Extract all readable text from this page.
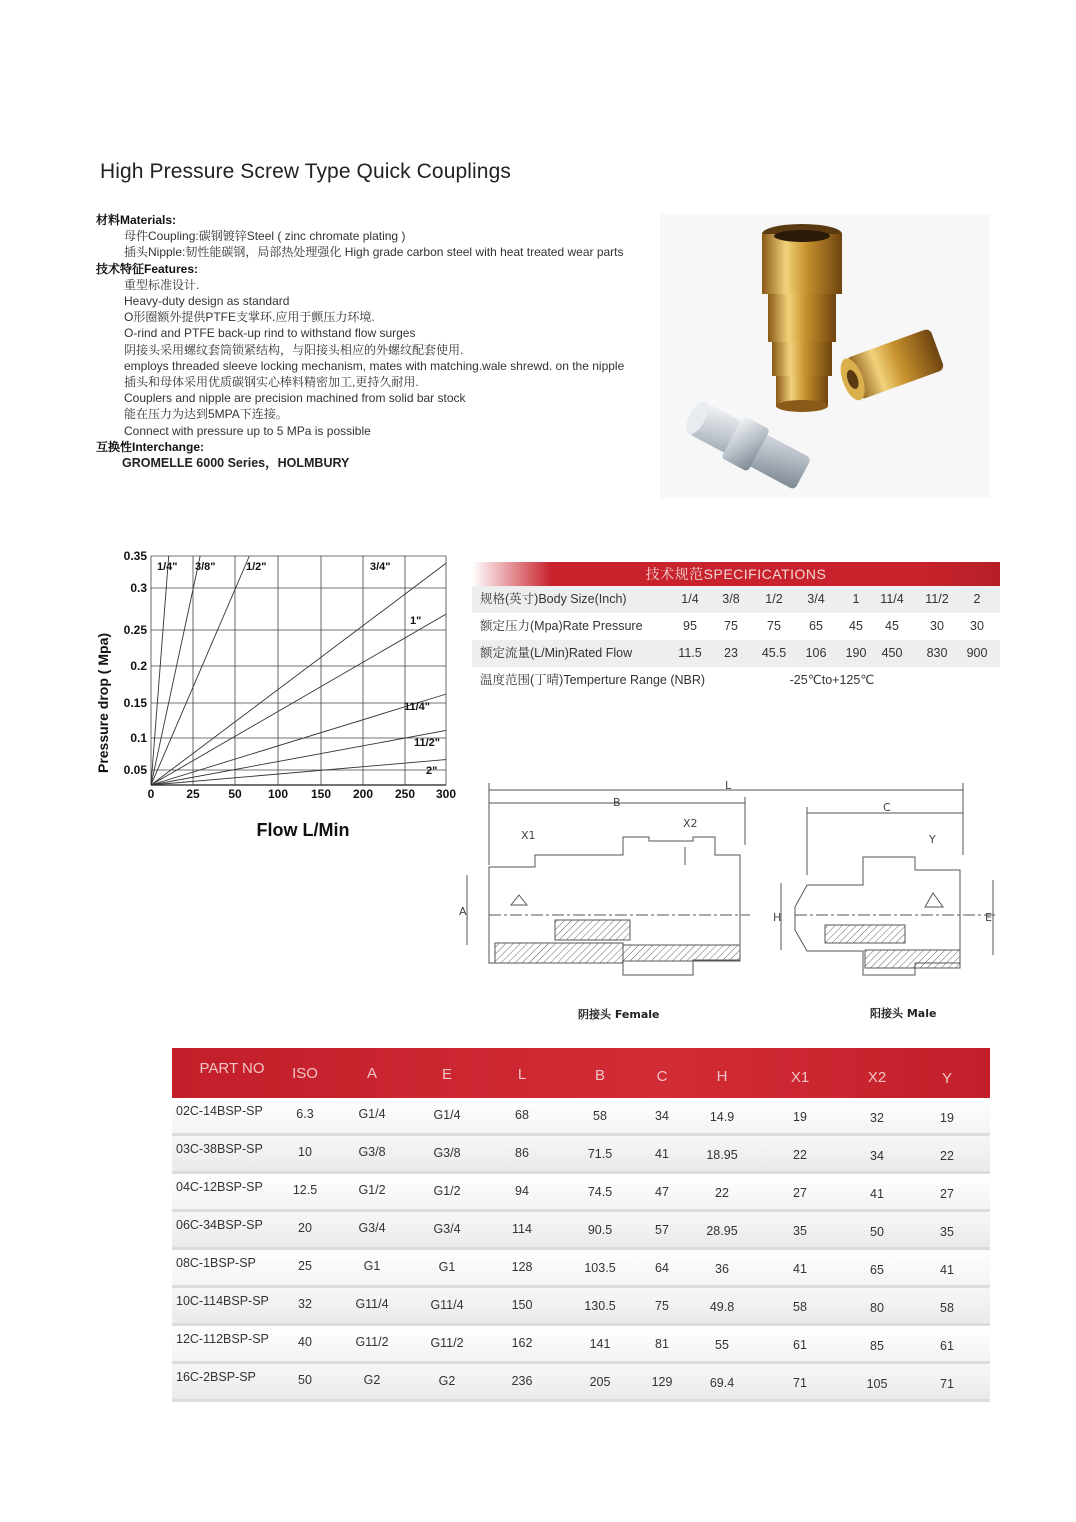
High Pressure Screw Type Quick Couplings
材料Materials:
母件Coupling:碳钢镀锌Steel ( zinc chromate plating )
插头Nipple:韧性能碳钢，局部热处理强化 High grade carbon steel with heat treated wear parts
技术特征Features:
重型标准设计.
Heavy-duty design as standard
O形圈额外提供PTFE支掌环.应用于颤压力环境.
O-rind and PTFE back-up rind to withstand flow surges
阴接头采用螺纹套筒锁紧结构，与阳接头相应的外螺纹配套使用.
employs threaded sleeve locking mechanism, mates with matching.wale shrewd. on the nipple
插头和母体采用优质碳钢实心棒料精密加工,更持久耐用.
Couplers and nipple are precision machined from solid bar stock
能在压力为达到5MPA下连接。
Connect with pressure up to 5 MPa is possible
互换性Interchange:
GROMELLE 6000 Series，HOLMBURY
1/4" 3/8"	1/2"	3/4"
1"
11/4"
11/2"
2"
0	25 50 100 150 200 250 300
0.35
0.3
0.25
0.2
0.15
0.1
0.05
Pressure drop ( Mpa)
Flow L/Min
技术规范SPECIFICATIONS
规格(英寸)Body Size(Inch)	1/4	3/8	1/2	3/4	1	11/4	11/2	2
额定压力(Mpa)Rate Pressure	95	75	75	65	45	45	30	30
额定流量(L/Min)Rated Flow	11.5	23	45.5	106	190	450	830	900
温度范围(丁晴)Temperture Range (NBR)	-25℃to+125℃
L
B	C
X1
X2
Y
A	H	E
阴接头 Female	阳接头 Male
PART NO	ISO	A	E	L	B	C	H	X1	X2	Y
02C-14BSP-SP	6.3	G1/4	G1/4	68	58	34	14.9	19	32	19
03C-38BSP-SP	10	G3/8	G3/8	86	71.5	41	18.95	22	34	22
04C-12BSP-SP	12.5	G1/2	G1/2	94	74.5	47	22	27	41	27
06C-34BSP-SP	20	G3/4	G3/4	114	90.5	57	28.95	35	50	35
08C-1BSP-SP	25	G1	G1	128	103.5	64	36	41	65	41
10C-114BSP-SP	32	G11/4	G11/4	150	130.5	75	49.8	58	80	58
12C-112BSP-SP	40	G11/2	G11/2	162	141	81	55	61	85	61
16C-2BSP-SP	50	G2	G2	236	205	129	69.4	71	105	71
